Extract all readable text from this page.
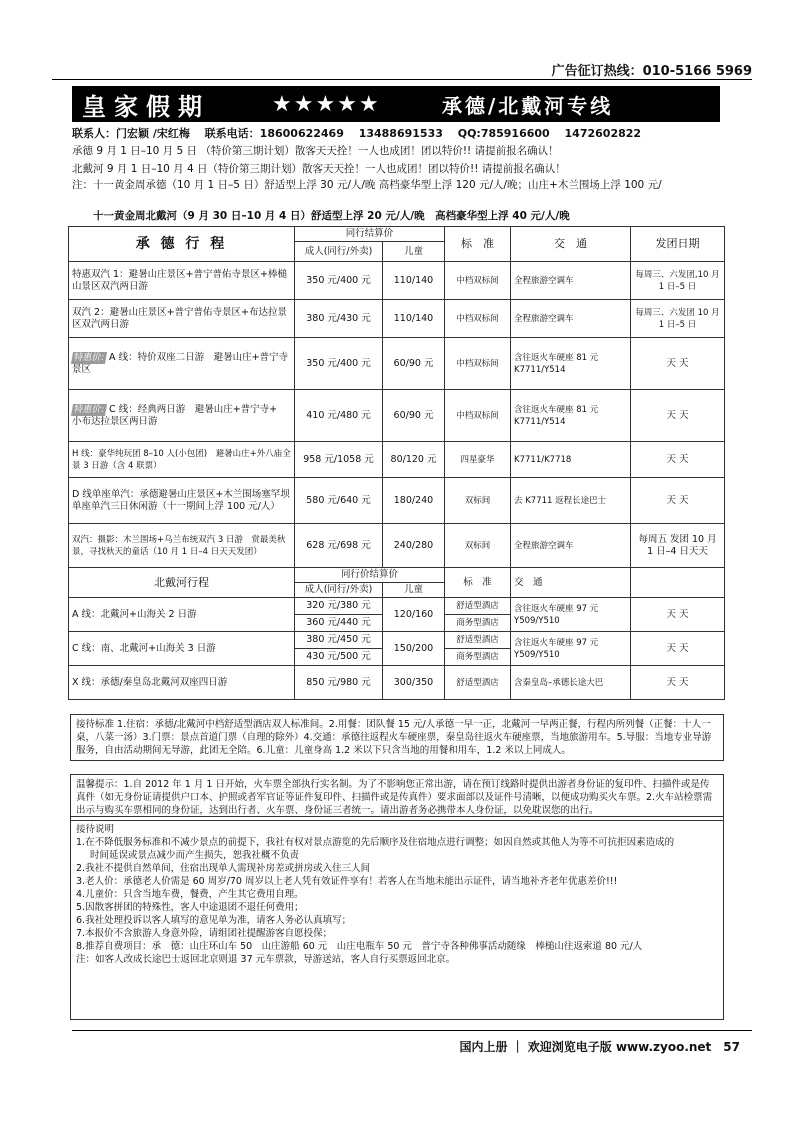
广告征订热线：010-5166 5969
皇家假期	★★★★★	承德/北戴河专线
联系人：门宏颖 /宋红梅　 联系电话：18600622469　 13488691533　 QQ:785916600　 1472602822
承德 9 月 1 日–10 月 5 日 （特价第三期计划）散客天天拴！一人也成团！团以特价!! 请提前报名确认！
北戴河 9 月 1 日–10 月 4 日（特价第三期计划）散客天天拴！一人也成团！团以特价!! 请提前报名确认！
注：十一黄金周承德（10 月 1 日–5 日）舒适型上浮 30 元/人/晚 高档豪华型上浮 120 元/人/晚；山庄+木兰围场上浮 100 元/
　　十一黄金周北戴河（9 月 30 日–10 月 4 日）舒适型上浮 20 元/人/晚　高档豪华型上浮 40 元/人/晚
承 德 行 程	同行结算价		标　准	交　通	发团日期
	成人(同行/外卖)	儿童			
特惠双汽 1：避暑山庄景区+普宁普佑寺景区+棒槌山景区双汽两日游	350 元/400 元	110/140	中档双标间	全程旅游空调车	每周三、六发团,10 月 1 日–5 日
双汽 2：避暑山庄景区+普宁普佑寺景区+布达拉景区双汽两日游	380 元/430 元	110/140	中档双标间	全程旅游空调车	每周三、六发团 10 月 1 日–5 日
特惠价: A 线：特价双座二日游　避暑山庄+普宁寺景区	350 元/400 元	60/90 元	中档双标间	含往返火车硬座 81 元 K7711/Y514	天 天
特惠价: C 线：经典两日游　避暑山庄+普宁寺+　小布达拉景区两日游	410 元/480 元	60/90 元	中档双标间	含往返火车硬座 81 元 K7711/Y514	天 天
H 线：豪华纯玩团 8–10 人(小包团)　避暑山庄+外八庙全景 3 日游（含 4 联票）	958 元/1058 元	80/120 元	四星豪华	K7711/K7718	天 天
D 线单座单汽：承德避暑山庄景区+木兰围场塞罕坝单座单汽三日休闲游（十一期间上浮 100 元/人）	580 元/640 元	180/240	双标间	去 K7711 返程长途巴士	天 天
双汽：摄影：木兰围场+乌兰布统双汽 3 日游　赏最美秋景，寻找秋天的童话（10 月 1 日–4 日天天发团）	628 元/698 元	240/280	双标间	全程旅游空调车	每周五 发团 10 月 1 日–4 日天天
北戴河行程	同行价结算价		标　准	交　通	
	成人(同行/外卖)	儿童			
A 线：北戴河+山海关 2 日游	320 元/380 元	120/160	舒适型酒店	含往返火车硬座 97 元 Y509/Y510	天 天
	360 元/440 元		商务型酒店		
C 线：南、北戴河+山海关 3 日游	380 元/450 元	150/200	舒适型酒店	含往返火车硬座 97 元 Y509/Y510	天 天
	430 元/500 元		商务型酒店		
X 线：承德/秦皇岛北戴河双座四日游	850 元/980 元	300/350	舒适型酒店	含秦皇岛–承德长途大巴	天 天
接待标准 1.住宿：承德/北戴河中档舒适型酒店双人标准间。2.用餐：团队餐 15 元/人承德一早一正，北戴河一早两正餐，行程内所列餐（正餐：十人一桌，八菜一汤）3.门票：景点首道门票（自理的除外）4.交通：承德往返程火车硬座票，秦皇岛往返火车硬座票，当地旅游用车。5.导服：当地专业导游服务，自由活动期间无导游，此团无全陪。6.儿童：儿童身高 1.2 米以下只含当地的用餐和用车，1.2 米以上同成人。
温馨提示：1.自 2012 年 1 月 1 日开始，火车票全部执行实名制。为了不影响您正常出游，请在预订线路时提供出游者身份证的复印件、扫描件或是传真件（如无身份证请提供户口本、护照或者军官证等证件复印件、扫描件或是传真件）要求面部以及证件号清晰，以便成功购买火车票。2.火车站检票需出示与购买车票相同的身份证，达到出行者、火车票、身份证三者统一。请出游者务必携带本人身份证，以免耽误您的出行。
接待说明
1.在不降低服务标准和不减少景点的前提下，我社有权对景点游览的先后顺序及住宿地点进行调整；如因自然或其他人为等不可抗拒因素造成的
时间延误或景点减少而产生损失，恕我社概不负责
2.我社不提供自然单间，住宿出现单人需现补房差或拼房或入住三人间
3.老人价：承德老人价需是 60 周岁/70 周岁以上老人凭有效证件享有！若客人在当地未能出示证件，请当地补齐老年优惠差价!!!
4.儿童价：只含当地车费，餐费，产生其它费用自理。
5.因散客拼团的特殊性，客人中途退团不退任何费用；
6.我社处理投诉以客人填写的意见单为准，请客人务必认真填写；
7.本报价不含旅游人身意外险，请组团社提醒游客自愿投保；
8.推荐自费项目：承　德：山庄环山车 50　山庄游船 60 元　山庄电瓶车 50 元　普宁寺各种佛事活动随缘　棒槌山往返索道 80 元/人
注：如客人改成长途巴士返回北京则退 37 元车票款，导游送站，客人自行买票返回北京。
国内上册 ｜ 欢迎浏览电子版 www.zyoo.net　57
